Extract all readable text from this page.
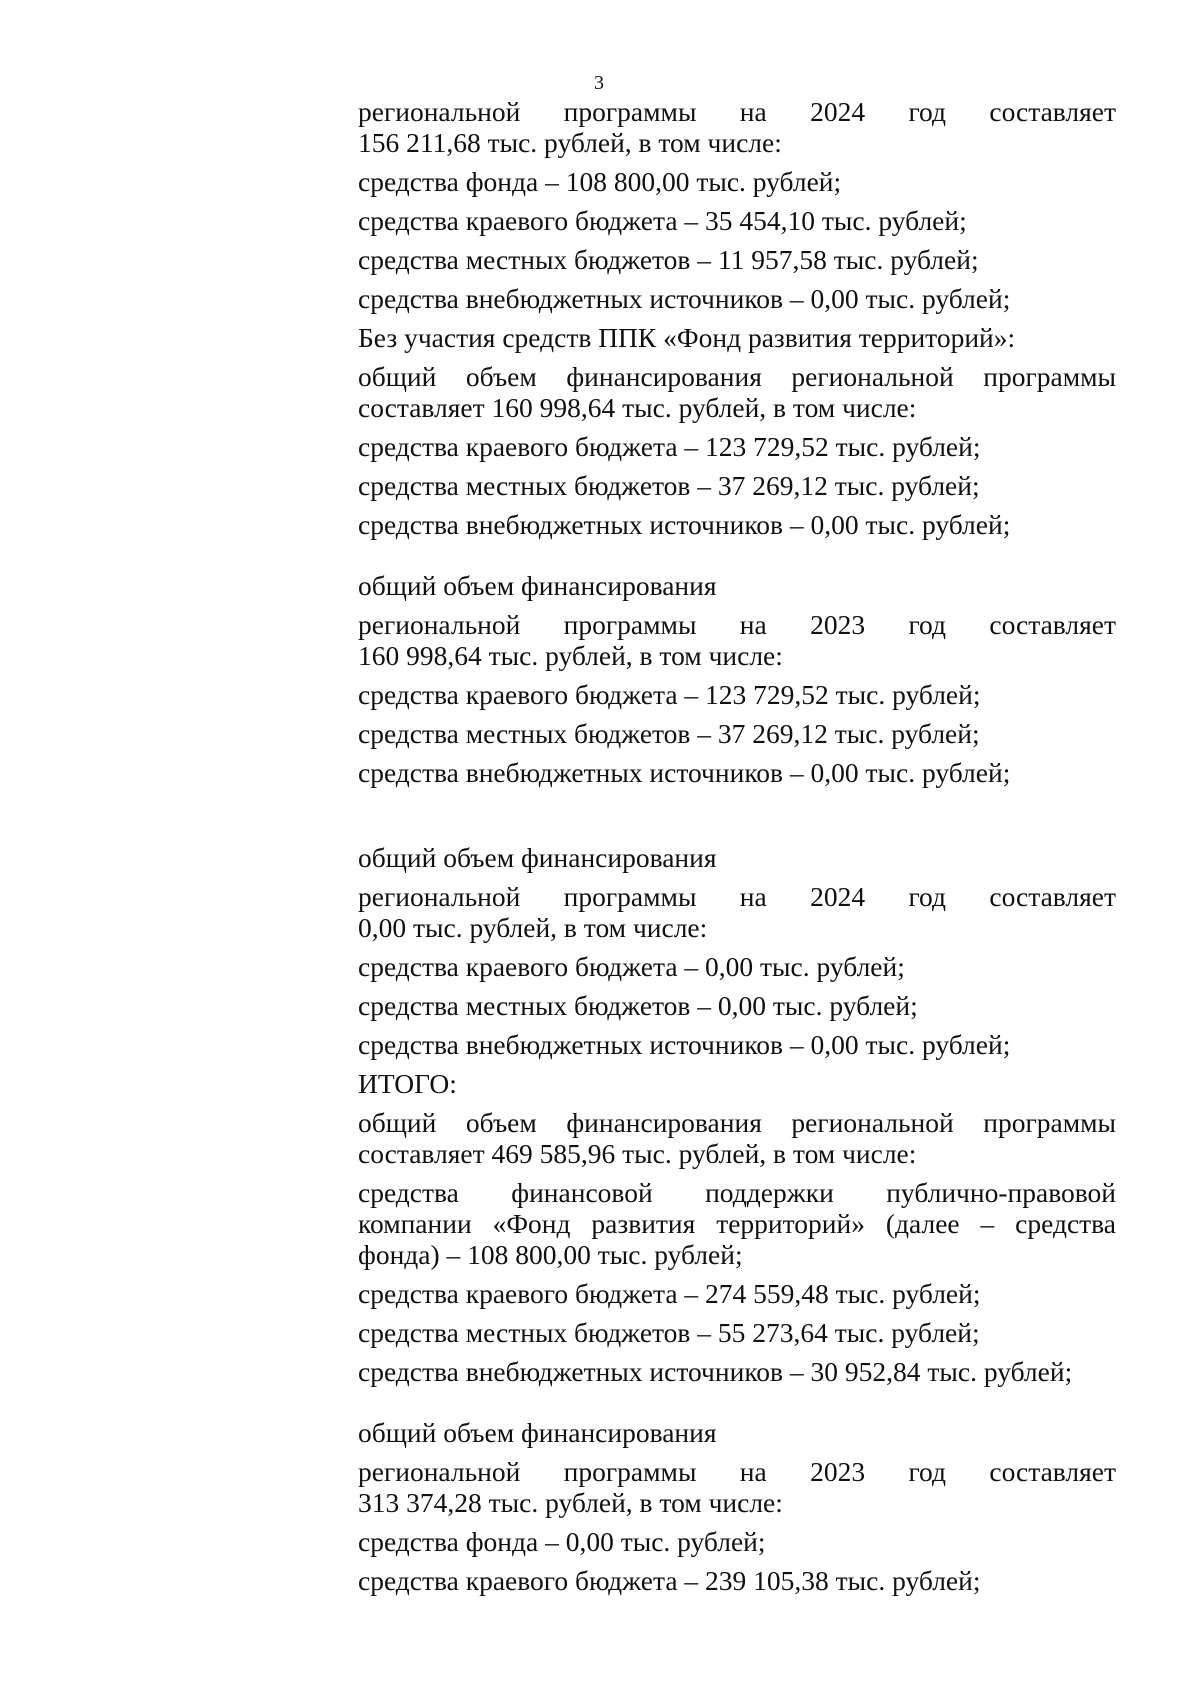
3
региональной программы на 2024 год составляет
156 211,68 тыс. рублей, в том числе:
средства фонда – 108 800,00 тыс. рублей;
средства краевого бюджета – 35 454,10 тыс. рублей;
средства местных бюджетов – 11 957,58 тыс. рублей;
средства внебюджетных источников – 0,00 тыс. рублей;
Без участия средств ППК «Фонд развития территорий»:
общий объем финансирования региональной программы
составляет 160 998,64 тыс. рублей, в том числе:
средства краевого бюджета – 123 729,52 тыс. рублей;
средства местных бюджетов – 37 269,12 тыс. рублей;
средства внебюджетных источников – 0,00 тыс. рублей;
общий объем финансирования
региональной программы на 2023 год составляет
160 998,64 тыс. рублей, в том числе:
средства краевого бюджета – 123 729,52 тыс. рублей;
средства местных бюджетов – 37 269,12 тыс. рублей;
средства внебюджетных источников – 0,00 тыс. рублей;
общий объем финансирования
региональной программы на 2024 год составляет
0,00 тыс. рублей, в том числе:
средства краевого бюджета – 0,00 тыс. рублей;
средства местных бюджетов – 0,00 тыс. рублей;
средства внебюджетных источников – 0,00 тыс. рублей;
ИТОГО:
общий объем финансирования региональной программы
составляет 469 585,96 тыс. рублей, в том числе:
средства финансовой поддержки публично-правовой
компании «Фонд развития территорий» (далее – средства
фонда) – 108 800,00 тыс. рублей;
средства краевого бюджета – 274 559,48 тыс. рублей;
средства местных бюджетов – 55 273,64 тыс. рублей;
средства внебюджетных источников – 30 952,84 тыс. рублей;
общий объем финансирования
региональной программы на 2023 год составляет
313 374,28 тыс. рублей, в том числе:
средства фонда – 0,00 тыс. рублей;
средства краевого бюджета – 239 105,38 тыс. рублей;
